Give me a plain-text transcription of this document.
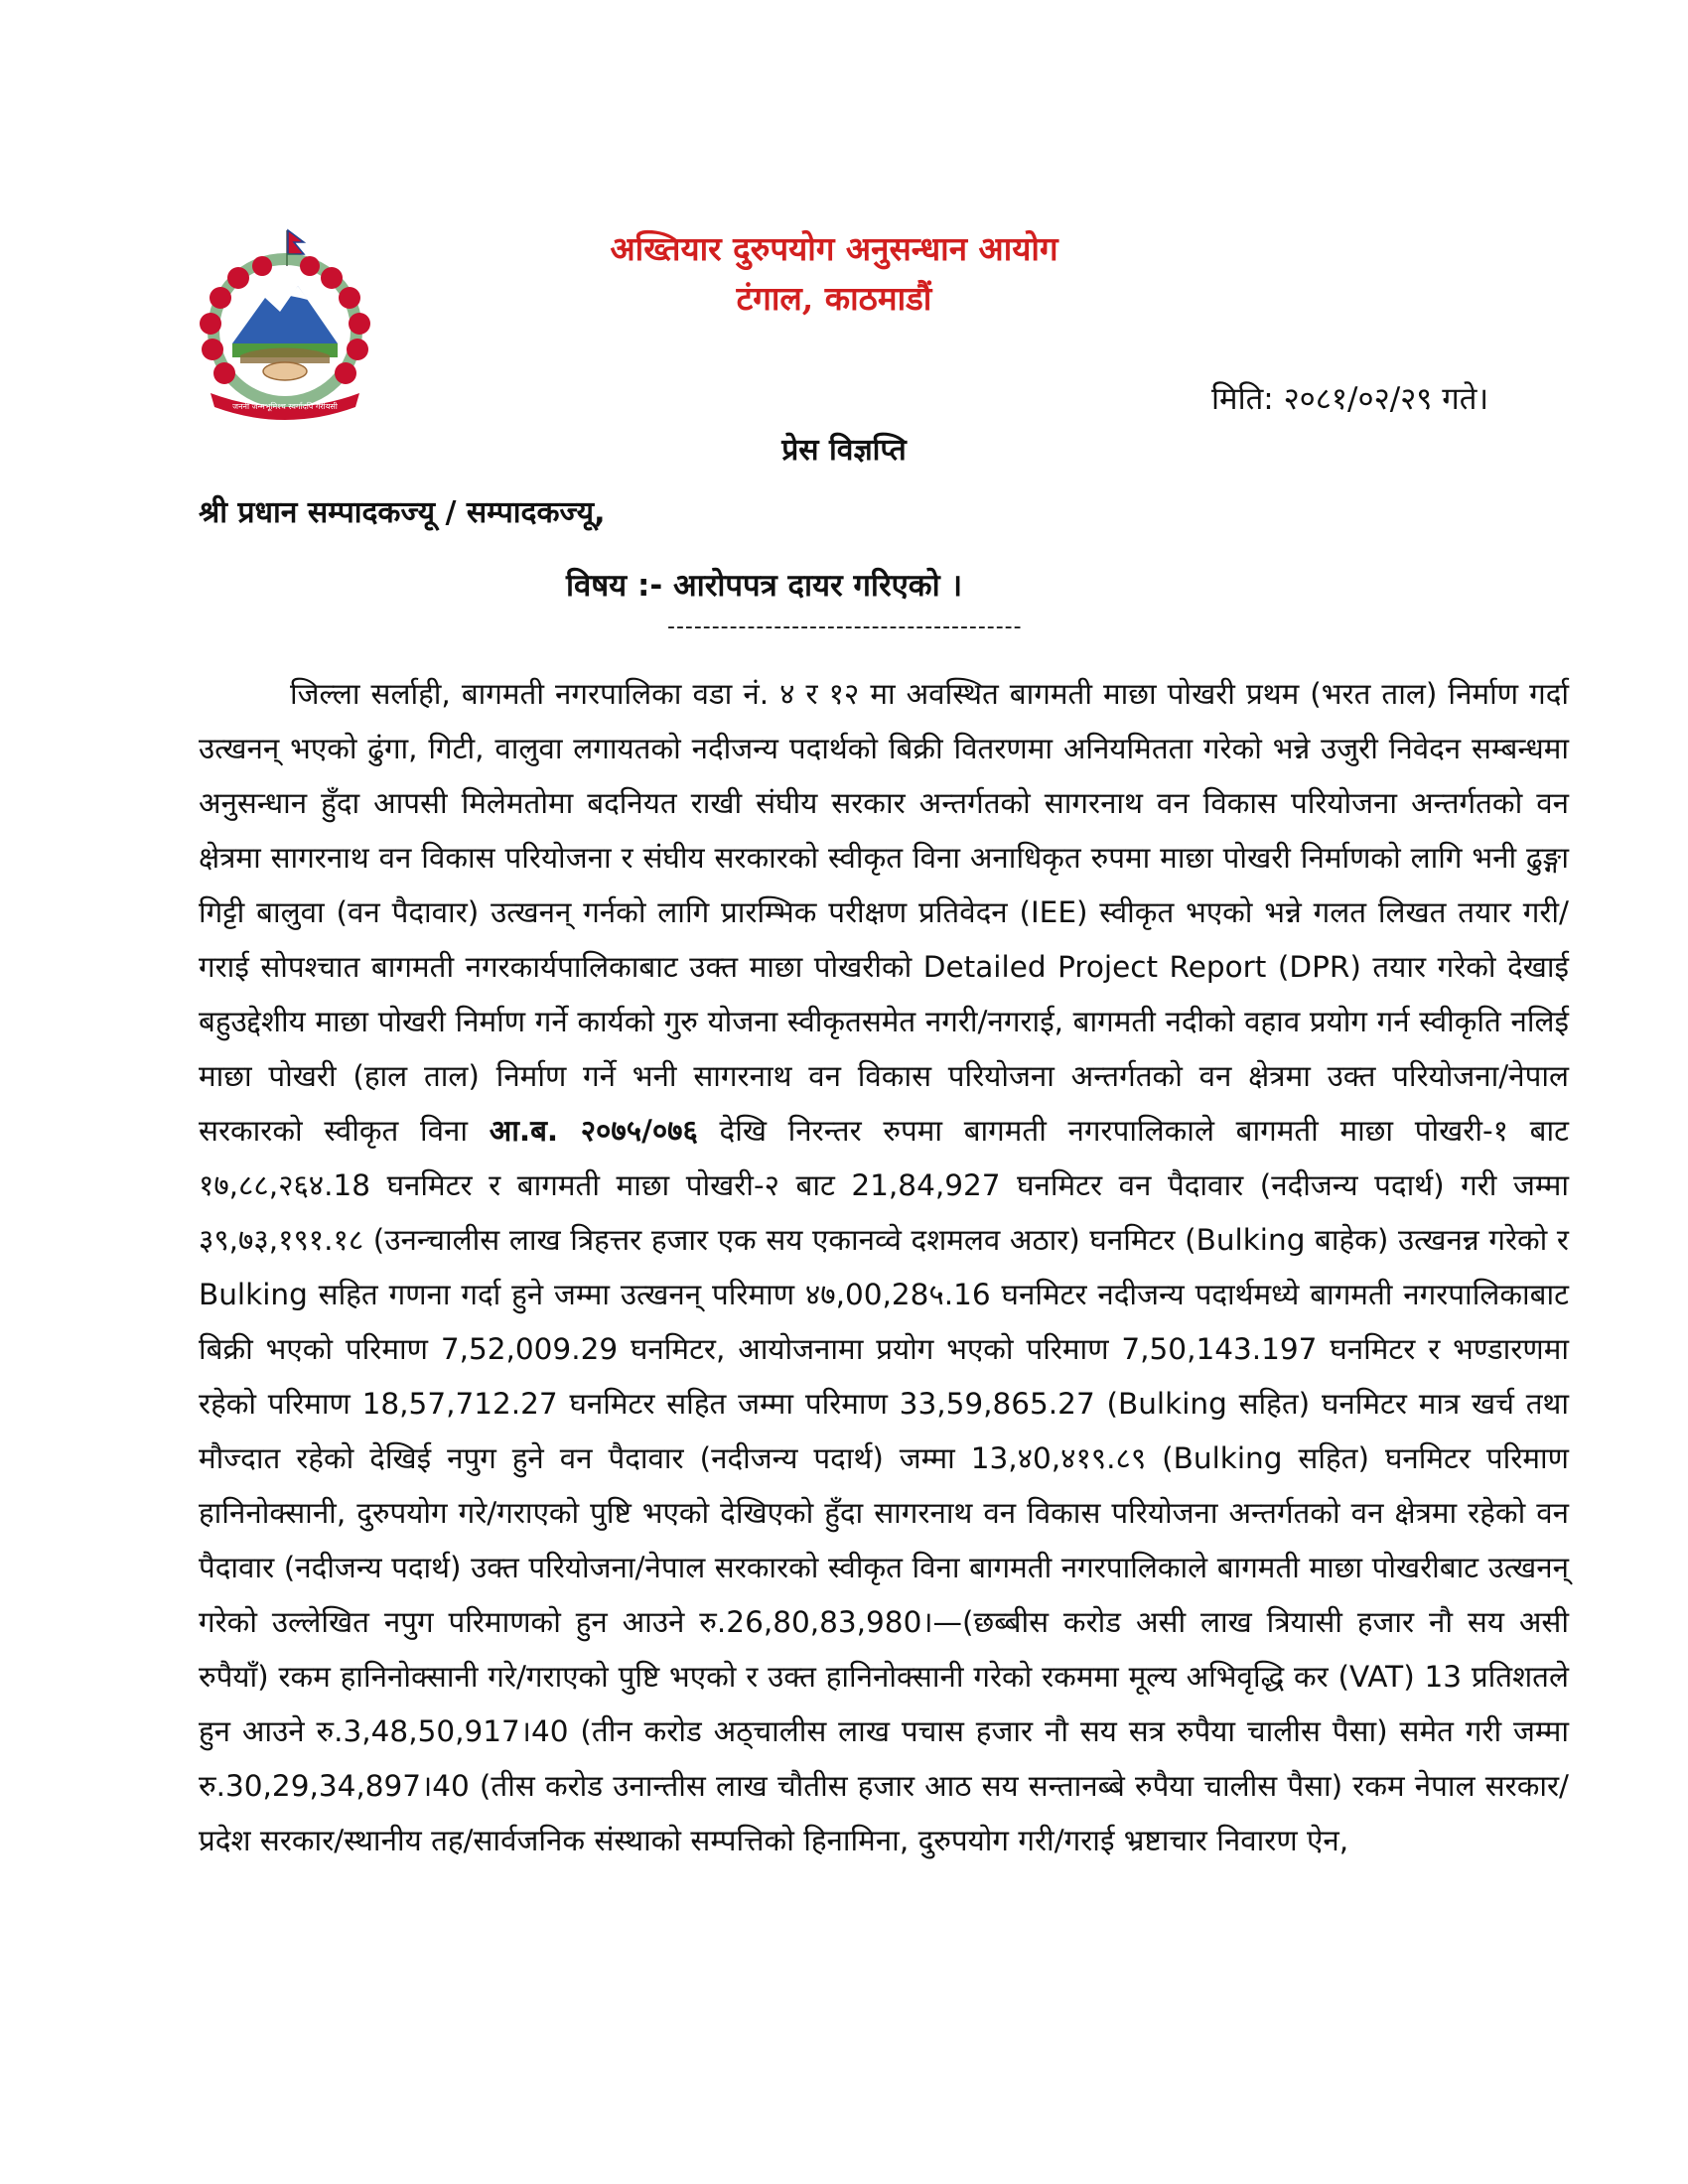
जननी जन्मभूमिश्च स्वर्गादपि गरीयसी
अख्तियार दुरुपयोग अनुसन्धान आयोग
टंगाल, काठमाडौं
मिति: २०८१/०२/२९ गते।
प्रेस विज्ञप्ति
श्री प्रधान सम्पादकज्यू / सम्पादकज्यू,
विषय :- आरोपपत्र दायर गरिएको ।
----------------------------------------

जिल्ला सर्लाही, बागमती नगरपालिका वडा नं. ४ र १२ मा अवस्थित बागमती माछा पोखरी प्रथम (भरत ताल) निर्माण गर्दा उत्खनन् भएको ढुंगा, गिटी, वालुवा लगायतको नदीजन्य पदार्थको बिक्री वितरणमा अनियमितता गरेको भन्ने उजुरी निवेदन सम्बन्धमा अनुसन्धान हुँदा आपसी मिलेमतोमा बदनियत राखी संघीय सरकार अन्तर्गतको सागरनाथ वन विकास परियोजना अन्तर्गतको वन क्षेत्रमा सागरनाथ वन विकास परियोजना र संघीय सरकारको स्वीकृत विना अनाधिकृत रुपमा माछा पोखरी निर्माणको लागि भनी ढुङ्गा गिट्टी बालुवा (वन पैदावार) उत्खनन् गर्नको लागि प्रारम्भिक परीक्षण प्रतिवेदन (IEE) स्वीकृत भएको भन्ने गलत लिखत तयार गरी/गराई सोपश्चात बागमती नगरकार्यपालिकाबाट उक्त माछा पोखरीको Detailed Project Report (DPR) तयार गरेको देखाई बहुउद्देशीय माछा पोखरी निर्माण गर्ने कार्यको गुरु योजना स्वीकृतसमेत नगरी/नगराई, बागमती नदीको वहाव प्रयोग गर्न स्वीकृति नलिई माछा पोखरी (हाल ताल) निर्माण गर्ने भनी सागरनाथ वन विकास परियोजना अन्तर्गतको वन क्षेत्रमा उक्त परियोजना/नेपाल सरकारको स्वीकृत विना आ.ब. २०७५/०७६ देखि निरन्तर रुपमा बागमती नगरपालिकाले बागमती माछा पोखरी-१ बाट १७,८८,२६४.18 घनमिटर र बागमती माछा पोखरी-२ बाट 21,84,927 घनमिटर वन पैदावार (नदीजन्य पदार्थ) गरी जम्मा ३९,७३,१९१.१८ (उनन्चालीस लाख त्रिहत्तर हजार एक सय एकानव्वे दशमलव अठार) घनमिटर (Bulking बाहेक) उत्खनन्न गरेको र Bulking सहित गणना गर्दा हुने जम्मा उत्खनन् परिमाण ४७,00,28५.16 घनमिटर नदीजन्य पदार्थमध्ये बागमती नगरपालिकाबाट बिक्री भएको परिमाण 7,52,009.29 घनमिटर, आयोजनामा प्रयोग भएको परिमाण 7,50,143.197 घनमिटर र भण्डारणमा रहेको परिमाण 18,57,712.27 घनमिटर सहित जम्मा परिमाण 33,59,865.27 (Bulking सहित) घनमिटर मात्र खर्च तथा मौज्दात रहेको देखिई नपुग हुने वन पैदावार (नदीजन्य पदार्थ) जम्मा 13,४0,४१९.८९ (Bulking सहित) घनमिटर परिमाण हानिनोक्सानी, दुरुपयोग गरे/गराएको पुष्टि भएको देखिएको हुँदा सागरनाथ वन विकास परियोजना अन्तर्गतको वन क्षेत्रमा रहेको वन पैदावार (नदीजन्य पदार्थ) उक्त परियोजना/नेपाल सरकारको स्वीकृत विना बागमती नगरपालिकाले बागमती माछा पोखरीबाट उत्खनन् गरेको उल्लेखित नपुग परिमाणको हुन आउने रु.26,80,83,980।—(छब्बीस करोड असी लाख त्रियासी हजार नौ सय असी रुपैयाँ) रकम हानिनोक्सानी गरे/गराएको पुष्टि भएको र उक्त हानिनोक्सानी गरेको रकममा मूल्य अभिवृद्धि कर (VAT) 13 प्रतिशतले हुन आउने रु.3,48,50,917।40 (तीन करोड अठ्चालीस लाख पचास हजार नौ सय सत्र रुपैया चालीस पैसा) समेत गरी जम्मा रु.30,29,34,897।40 (तीस करोड उनान्तीस लाख चौतीस हजार आठ सय सन्तानब्बे रुपैया चालीस पैसा) रकम नेपाल सरकार/प्रदेश सरकार/स्थानीय तह/सार्वजनिक संस्थाको सम्पत्तिको हिनामिना, दुरुपयोग गरी/गराई भ्रष्टाचार निवारण ऐन,
